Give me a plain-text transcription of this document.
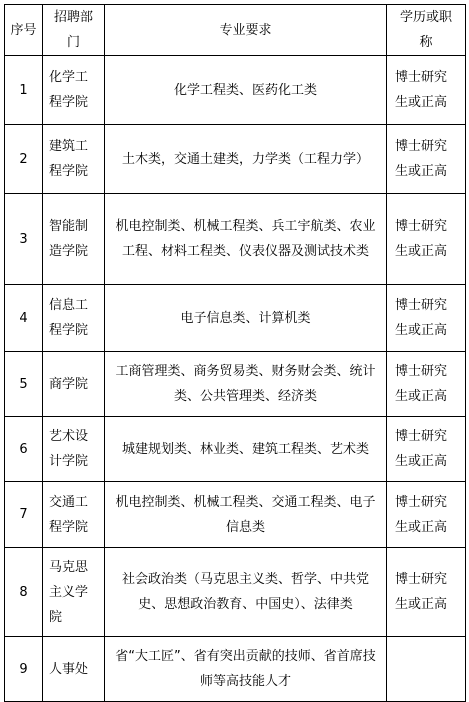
序号	招聘部门	专业要求	学历或职称
1	化学工程学院	化学工程类、医药化工类	博士研究生或正高
2	建筑工程学院	土木类，交通土建类，力学类（工程力学）	博士研究生或正高
3	智能制造学院	机电控制类、机械工程类、兵工宇航类、农业工程、材料工程类、仪表仪器及测试技术类	博士研究生或正高
4	信息工程学院	电子信息类、计算机类	博士研究生或正高
5	商学院	工商管理类、商务贸易类、财务财会类、统计类、公共管理类、经济类	博士研究生或正高
6	艺术设计学院	城建规划类、林业类、建筑工程类、艺术类	博士研究生或正高
7	交通工程学院	机电控制类、机械工程类、交通工程类、电子信息类	博士研究生或正高
8	马克思主义学院	社会政治类（马克思主义类、哲学、中共党史、思想政治教育、中国史）、法律类	博士研究生或正高
9	人事处	省“大工匠”、省有突出贡献的技师、省首席技师等高技能人才	
